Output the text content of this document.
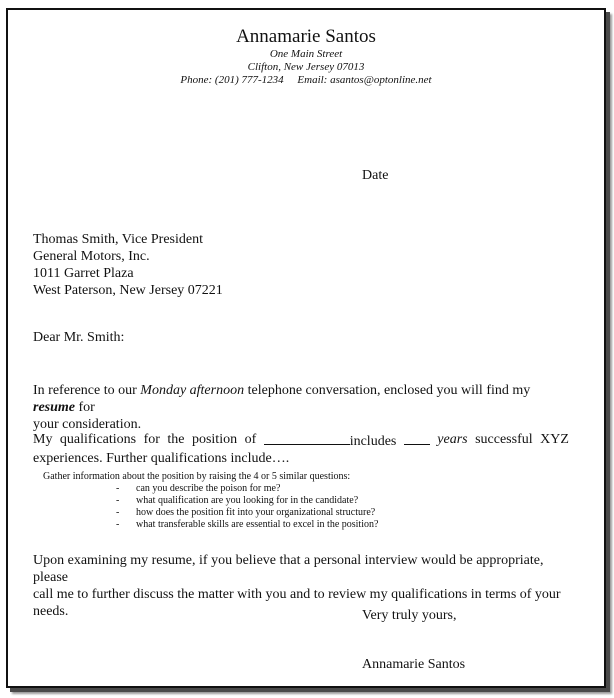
Annamarie Santos
One Main Street
Clifton, New Jersey 07013
Phone: (201) 777-1234     Email: asantos@optonline.net
Date
Thomas Smith, Vice President
General Motors, Inc.
1011 Garret Plaza
West Paterson, New Jersey 07221
Dear Mr. Smith:
In reference to our Monday afternoon telephone conversation, enclosed you will find my resume for
your consideration.
My qualifications for the position of	includes	years successful XYZ
experiences. Further qualifications include….
Gather information about the position by raising the 4 or 5 similar questions:
-	can you describe the poison for me?
-	what qualification are you looking for in the candidate?
-	how does the position fit into your organizational structure?
-	what transferable skills are essential to excel in the position?
Upon examining my resume, if you believe that a personal interview would be appropriate, please
call me to further discuss the matter with you and to review my qualifications in terms of your needs.	Very truly yours,
Annamarie Santos
